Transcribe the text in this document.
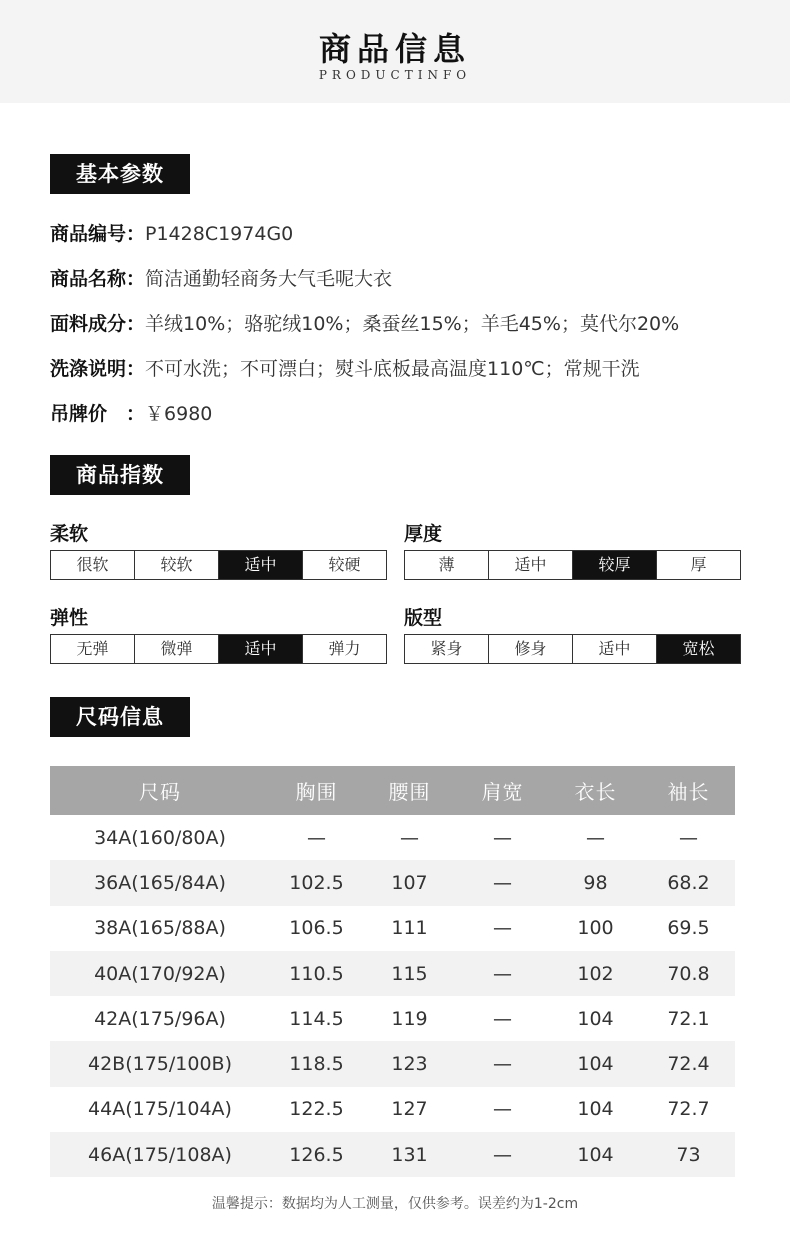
商品信息
PRODUCTINFO
基本参数
商品编号：P1428C1974G0
商品名称：简洁通勤轻商务大气毛呢大衣
面料成分：羊绒10%；骆驼绒10%；桑蚕丝15%；羊毛45%；莫代尔20%
洗涤说明：不可水洗；不可漂白；熨斗底板最高温度110℃；常规干洗
吊牌价　：￥6980
商品指数
柔软
很软	较软	适中	较硬
厚度
薄	适中	较厚	厚
弹性
无弹	微弹	适中	弹力
版型
紧身	修身	适中	宽松
尺码信息
尺码	胸围	腰围	肩宽	衣长	袖长
34A(160/80A)	—	—	—	—	—
36A(165/84A)	102.5	107	—	98	68.2
38A(165/88A)	106.5	111	—	100	69.5
40A(170/92A)	110.5	115	—	102	70.8
42A(175/96A)	114.5	119	—	104	72.1
42B(175/100B)	118.5	123	—	104	72.4
44A(175/104A)	122.5	127	—	104	72.7
46A(175/108A)	126.5	131	—	104	73
温馨提示：数据均为人工测量，仅供参考。误差约为1-2cm
